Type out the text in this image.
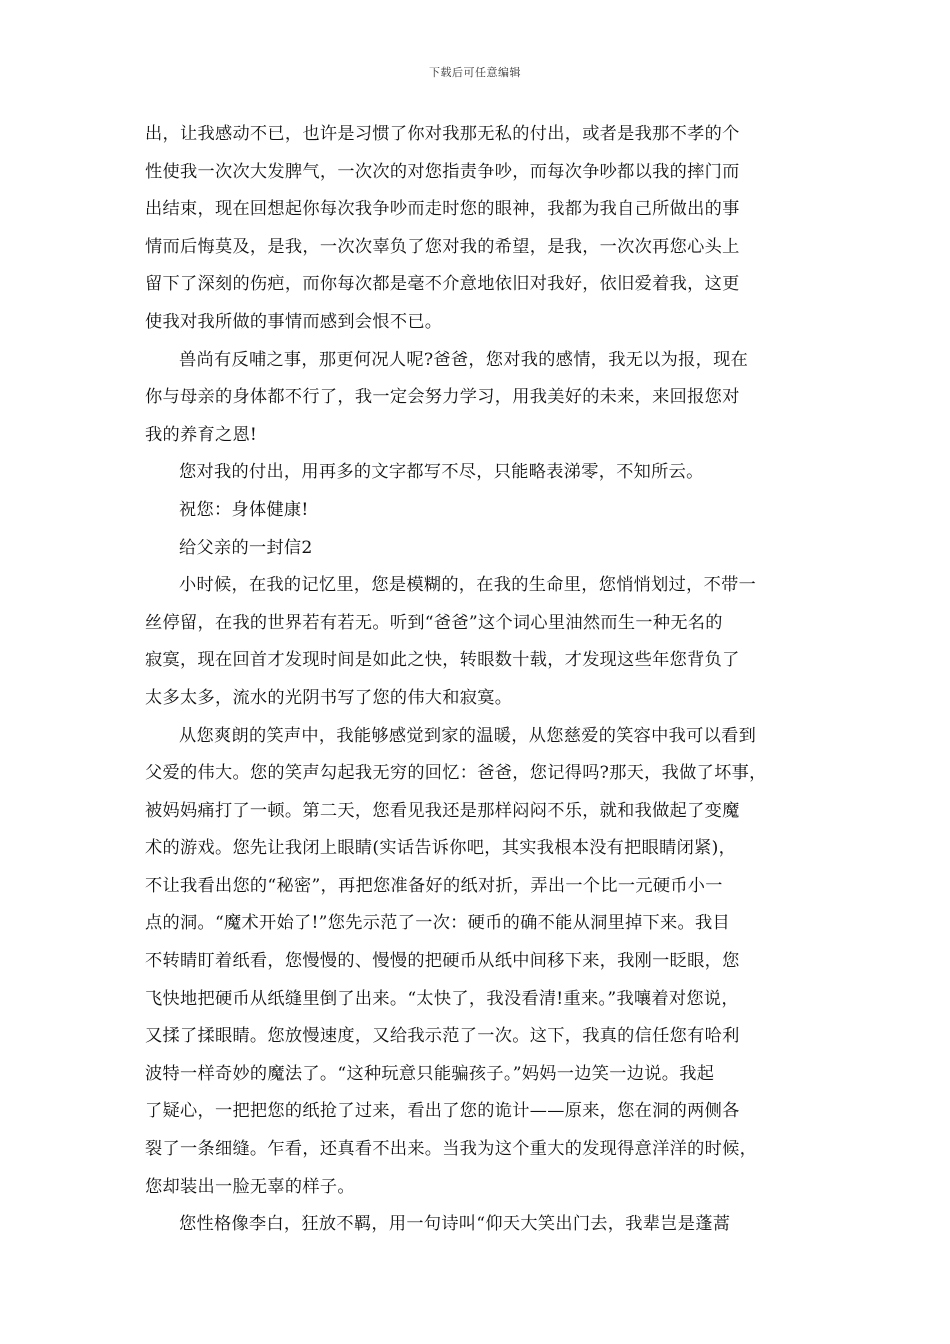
下载后可任意编辑
出，让我感动不已，也许是习惯了你对我那无私的付出，或者是我那不孝的个
性使我一次次大发脾气，一次次的对您指责争吵，而每次争吵都以我的摔门而
出结束，现在回想起你每次我争吵而走时您的眼神，我都为我自己所做出的事
情而后悔莫及，是我，一次次辜负了您对我的希望，是我，一次次再您心头上
留下了深刻的伤疤，而你每次都是毫不介意地依旧对我好，依旧爱着我，这更
使我对我所做的事情而感到会恨不已。
兽尚有反哺之事，那更何况人呢?爸爸，您对我的感情，我无以为报，现在
你与母亲的身体都不行了，我一定会努力学习，用我美好的未来，来回报您对
我的养育之恩!
您对我的付出，用再多的文字都写不尽，只能略表涕零，不知所云。
祝您：身体健康!
给父亲的一封信2
小时候，在我的记忆里，您是模糊的，在我的生命里，您悄悄划过，不带一
丝停留，在我的世界若有若无。听到“爸爸”这个词心里油然而生一种无名的
寂寞，现在回首才发现时间是如此之快，转眼数十载，才发现这些年您背负了
太多太多，流水的光阴书写了您的伟大和寂寞。
从您爽朗的笑声中，我能够感觉到家的温暖，从您慈爱的笑容中我可以看到
父爱的伟大。您的笑声勾起我无穷的回忆：爸爸，您记得吗?那天，我做了坏事，
被妈妈痛打了一顿。第二天，您看见我还是那样闷闷不乐，就和我做起了变魔
术的游戏。您先让我闭上眼睛(实话告诉你吧，其实我根本没有把眼睛闭紧)，
不让我看出您的“秘密”，再把您准备好的纸对折，弄出一个比一元硬币小一
点的洞。“魔术开始了!”您先示范了一次：硬币的确不能从洞里掉下来。我目
不转睛盯着纸看，您慢慢的、慢慢的把硬币从纸中间移下来，我刚一眨眼，您
飞快地把硬币从纸缝里倒了出来。“太快了，我没看清!重来。”我嚷着对您说，
又揉了揉眼睛。您放慢速度，又给我示范了一次。这下，我真的信任您有哈利
波特一样奇妙的魔法了。“这种玩意只能骗孩子。”妈妈一边笑一边说。我起
了疑心，一把把您的纸抢了过来，看出了您的诡计——原来，您在洞的两侧各
裂了一条细缝。乍看，还真看不出来。当我为这个重大的发现得意洋洋的时候，
您却装出一脸无辜的样子。
您性格像李白，狂放不羁，用一句诗叫“仰天大笑出门去，我辈岂是蓬蒿
